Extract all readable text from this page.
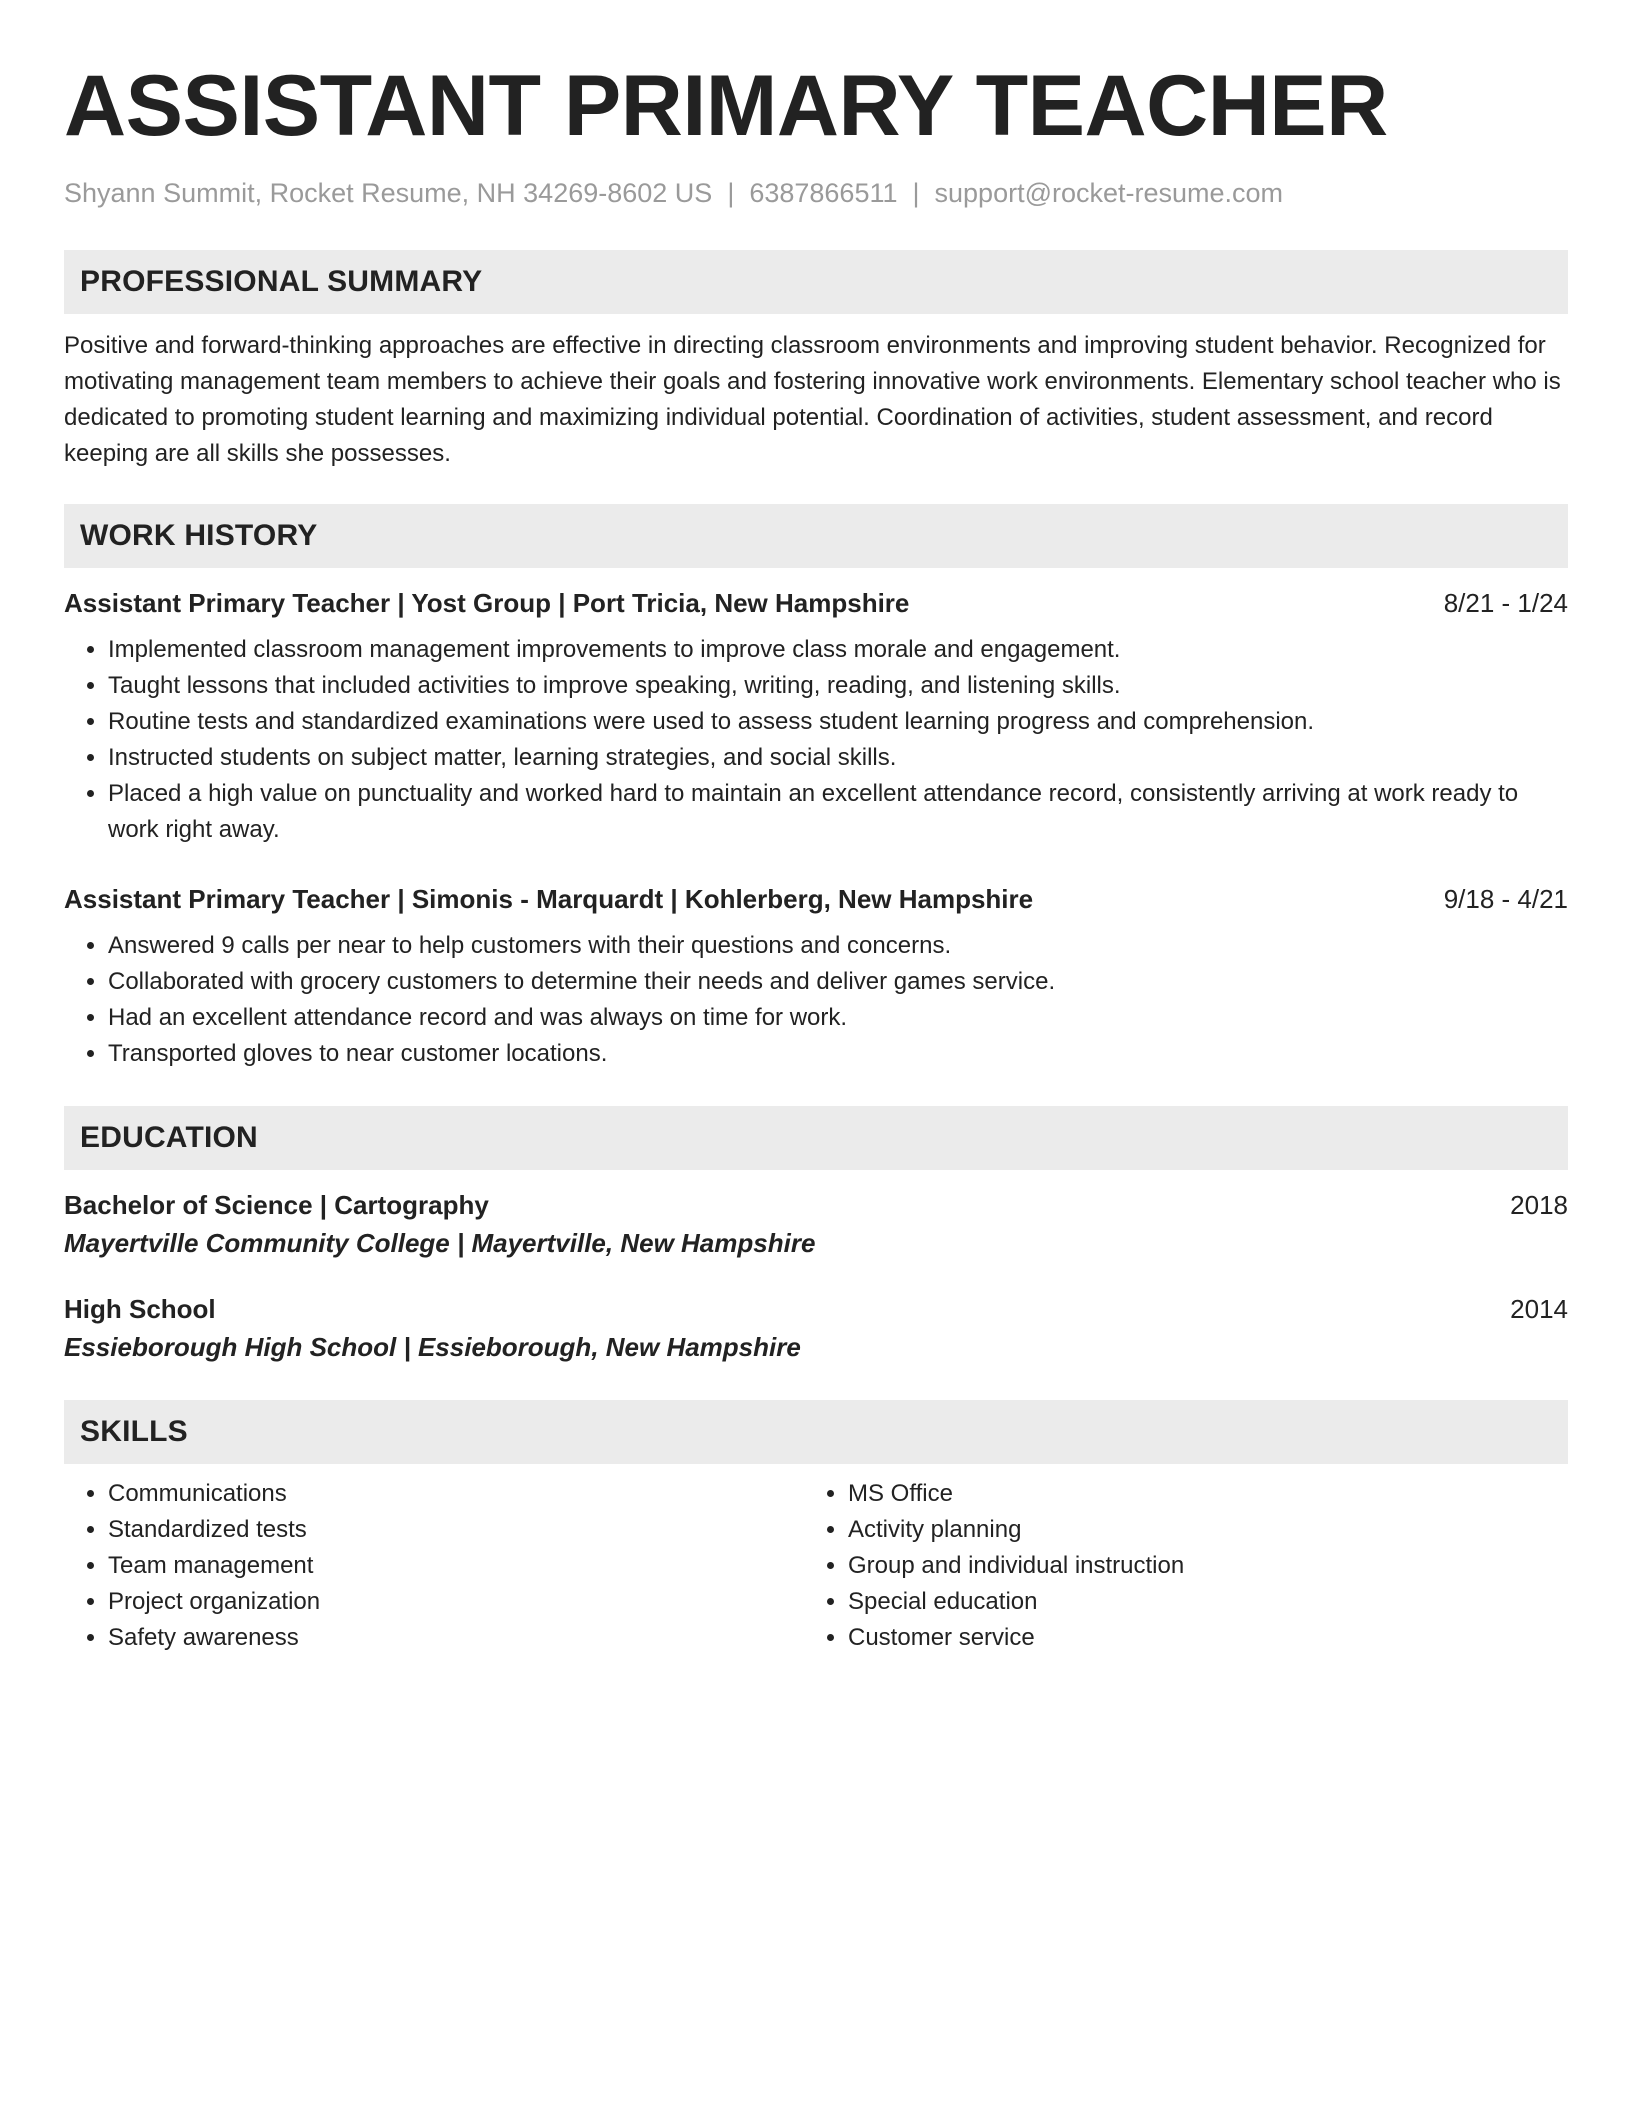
ASSISTANT PRIMARY TEACHER
Shyann Summit, Rocket Resume, NH 34269-8602 US | 6387866511 | support@rocket-resume.com
PROFESSIONAL SUMMARY

Positive and forward-thinking approaches are effective in directing classroom environments and improving student behavior. Recognized for motivating management team members to achieve their goals and fostering innovative work environments. Elementary school teacher who is dedicated to promoting student learning and maximizing individual potential. Coordination of activities, student assessment, and record keeping are all skills she possesses.

WORK HISTORY
Assistant Primary Teacher | Yost Group | Port Tricia, New Hampshire	8/21 - 1/24
• Implemented classroom management improvements to improve class morale and engagement.
• Taught lessons that included activities to improve speaking, writing, reading, and listening skills.
• Routine tests and standardized examinations were used to assess student learning progress and comprehension.
• Instructed students on subject matter, learning strategies, and social skills.
• Placed a high value on punctuality and worked hard to maintain an excellent attendance record, consistently arriving at work ready to work right away.
Assistant Primary Teacher | Simonis - Marquardt | Kohlerberg, New Hampshire	9/18 - 4/21
• Answered 9 calls per near to help customers with their questions and concerns.
• Collaborated with grocery customers to determine their needs and deliver games service.
• Had an excellent attendance record and was always on time for work.
• Transported gloves to near customer locations.
EDUCATION
Bachelor of Science | Cartography	2018
Mayertville Community College | Mayertville, New Hampshire
High School	2014
Essieborough High School | Essieborough, New Hampshire
SKILLS
• Communications
• Standardized tests
• Team management
• Project organization
• Safety awareness
• MS Office
• Activity planning
• Group and individual instruction
• Special education
• Customer service
